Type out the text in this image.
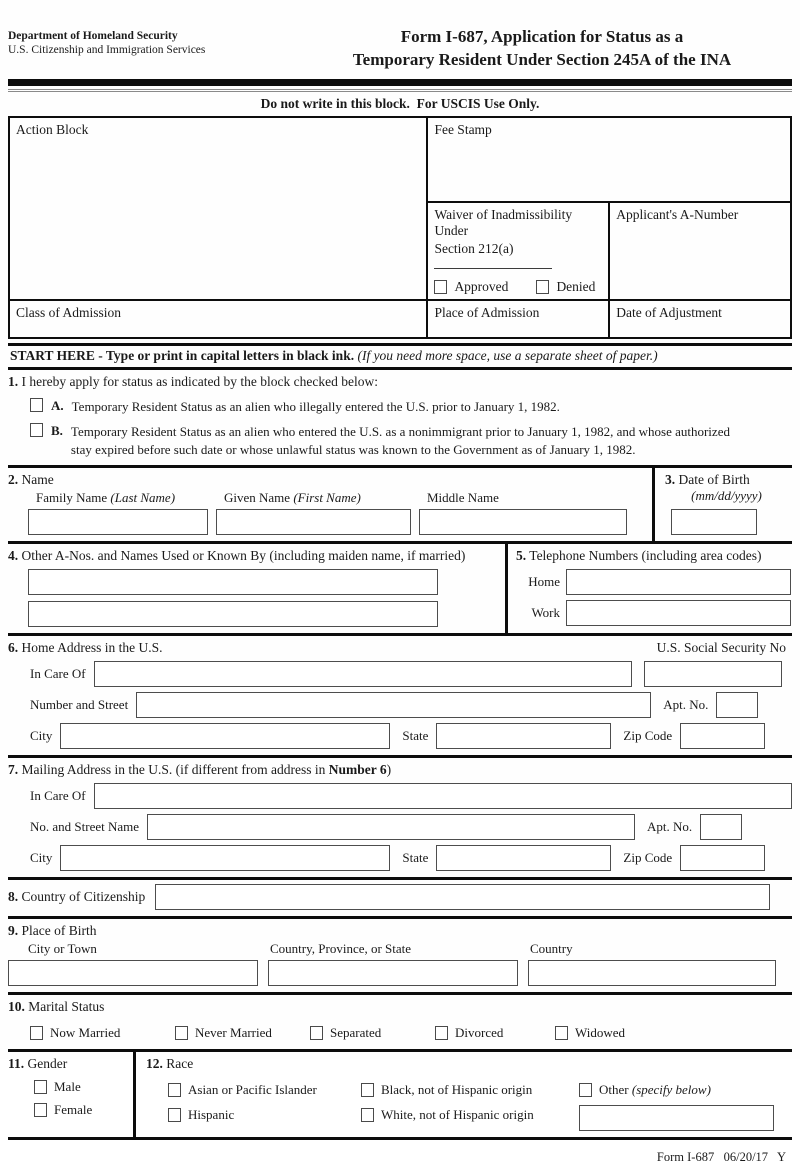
Department of Homeland Security
U.S. Citizenship and Immigration Services
Form I-687, Application for Status as a
Temporary Resident Under Section 245A of the INA
Do not write in this block.  For USCIS Use Only.
Action Block	Fee Stamp	

	Waiver of Inadmissibility Under
Section 212(a)
Approved Denied	Applicant's A-Number
Class of Admission	Place of Admission	Date of Adjustment
START HERE - Type or print in capital letters in black ink. (If you need more space, use a separate sheet of paper.)
1. I hereby apply for status as indicated by the block checked below:
A. Temporary Resident Status as an alien who illegally entered the U.S. prior to January 1, 1982.
B. Temporary Resident Status as an alien who entered the U.S. as a nonimmigrant prior to January 1, 1982, and whose authorized stay expired before such date or whose unlawful status was known to the Government as of January 1, 1982.
2. Name
Family Name (Last Name)	Given Name (First Name)	Middle Name
3. Date of Birth
(mm/dd/yyyy)
4. Other A-Nos. and Names Used or Known By (including maiden name, if married)	5. Telephone Numbers (including area codes)
Home
Work
6. Home Address in the U.S.	U.S. Social Security No
In Care Of
Number and Street	Apt. No.
City	State	Zip Code
7. Mailing Address in the U.S. (if different from address in Number 6)
In Care Of
No. and Street Name	Apt. No.
City	State	Zip Code
8. Country of Citizenship
9. Place of Birth
City or Town	Country, Province, or State	Country
10. Marital Status
Now Married	Never Married	Separated	Divorced	Widowed
11. Gender
Male
Female
12. Race
Asian or Pacific Islander
Hispanic
Black, not of Hispanic origin
White, not of Hispanic origin
Other (specify below)
Form I-687 06/20/17 Y
